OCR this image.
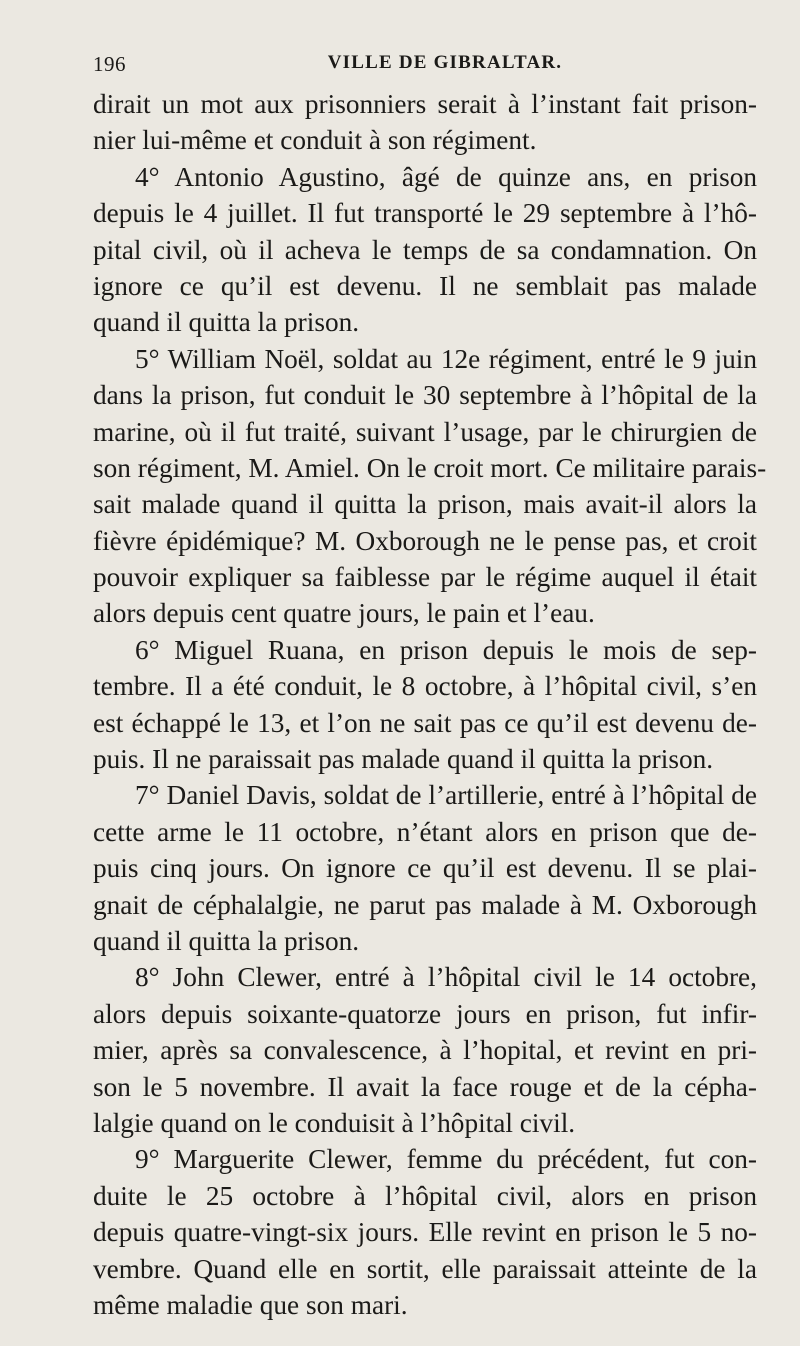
196	VILLE DE GIBRALTAR.
dirait un mot aux prisonniers serait à l’instant fait prison-
nier lui-même et conduit à son régiment.
4° Antonio Agustino, âgé de quinze ans, en prison
depuis le 4 juillet. Il fut transporté le 29 septembre à l’hô-
pital civil, où il acheva le temps de sa condamnation. On
ignore ce qu’il est devenu. Il ne semblait pas malade
quand il quitta la prison.
5° William Noël, soldat au 12e régiment, entré le 9 juin
dans la prison, fut conduit le 30 septembre à l’hôpital de la
marine, où il fut traité, suivant l’usage, par le chirurgien de
son régiment, M. Amiel. On le croit mort. Ce militaire parais-
sait malade quand il quitta la prison, mais avait-il alors la
fièvre épidémique? M. Oxborough ne le pense pas, et croit
pouvoir expliquer sa faiblesse par le régime auquel il était
alors depuis cent quatre jours, le pain et l’eau.
6° Miguel Ruana, en prison depuis le mois de sep-
tembre. Il a été conduit, le 8 octobre, à l’hôpital civil, s’en
est échappé le 13, et l’on ne sait pas ce qu’il est devenu de-
puis. Il ne paraissait pas malade quand il quitta la prison.
7° Daniel Davis, soldat de l’artillerie, entré à l’hôpital de
cette arme le 11 octobre, n’étant alors en prison que de-
puis cinq jours. On ignore ce qu’il est devenu. Il se plai-
gnait de céphalalgie, ne parut pas malade à M. Oxborough
quand il quitta la prison.
8° John Clewer, entré à l’hôpital civil le 14 octobre,
alors depuis soixante-quatorze jours en prison, fut infir-
mier, après sa convalescence, à l’hopital, et revint en pri-
son le 5 novembre. Il avait la face rouge et de la cépha-
lalgie quand on le conduisit à l’hôpital civil.
9° Marguerite Clewer, femme du précédent, fut con-
duite le 25 octobre à l’hôpital civil, alors en prison
depuis quatre-vingt-six jours. Elle revint en prison le 5 no-
vembre. Quand elle en sortit, elle paraissait atteinte de la
même maladie que son mari.
